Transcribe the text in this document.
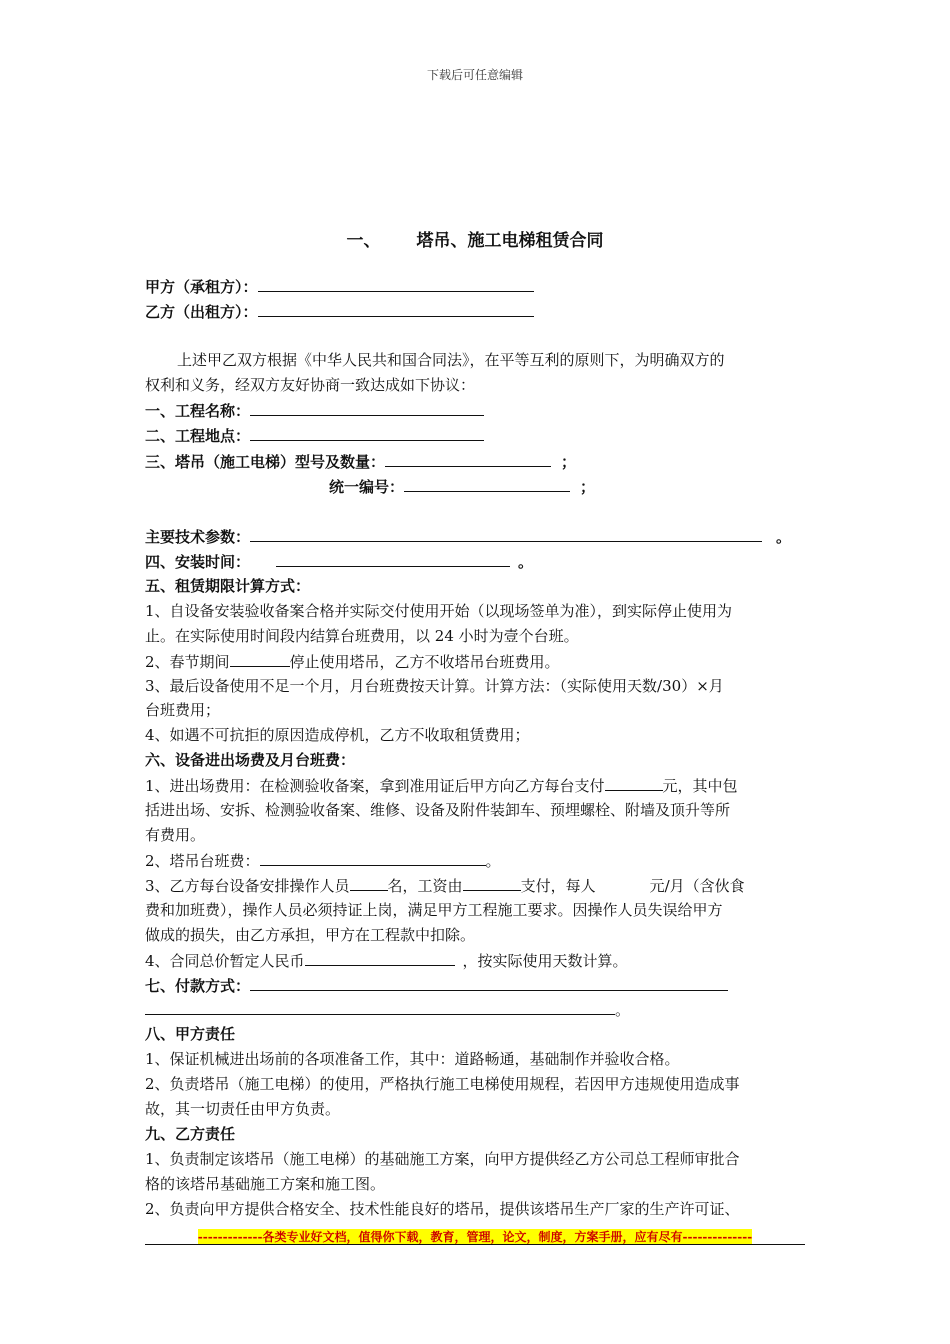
下载后可任意编辑
一、 塔吊、施工电梯租赁合同
甲方（承租方）：
乙方（出租方）：
上述甲乙双方根据《中华人民共和国合同法》，在平等互利的原则下，为明确双方的
权利和义务，经双方友好协商一致达成如下协议：
一、工程名称：
二、工程地点：
三、塔吊（施工电梯）型号及数量：	；
统一编号：	；
主要技术参数：	。
四、安装时间：	。
五、租赁期限计算方式：
1、自设备安装验收备案合格并实际交付使用开始（以现场签单为准），到实际停止使用为
止。在实际使用时间段内结算台班费用，以 24 小时为壹个台班。
2、春节期间	停止使用塔吊，乙方不收塔吊台班费用。
3、最后设备使用不足一个月，月台班费按天计算。计算方法：（实际使用天数/30）×月
台班费用；
4、如遇不可抗拒的原因造成停机，乙方不收取租赁费用；
六、设备进出场费及月台班费：
1、进出场费用：在检测验收备案，拿到准用证后甲方向乙方每台支付	元，其中包
括进出场、安拆、检测验收备案、维修、设备及附件装卸车、预埋螺栓、附墙及顶升等所
有费用。
2、塔吊台班费：	。
3、乙方每台设备安排操作人员	名，工资由	支付，每人	元/月（含伙食
费和加班费），操作人员必须持证上岗，满足甲方工程施工要求。因操作人员失误给甲方
做成的损失，由乙方承担，甲方在工程款中扣除。
4、合同总价暂定人民币	，按实际使用天数计算。
七、付款方式：
。
八、甲方责任
1、保证机械进出场前的各项准备工作，其中：道路畅通，基础制作并验收合格。
2、负责塔吊（施工电梯）的使用，严格执行施工电梯使用规程，若因甲方违规使用造成事
故，其一切责任由甲方负责。
九、乙方责任
1、负责制定该塔吊（施工电梯）的基础施工方案，向甲方提供经乙方公司总工程师审批合
格的该塔吊基础施工方案和施工图。
2、负责向甲方提供合格安全、技术性能良好的塔吊，提供该塔吊生产厂家的生产许可证、
-------------各类专业好文档，值得你下载，教育，管理，论文，制度，方案手册，应有尽有--------------
